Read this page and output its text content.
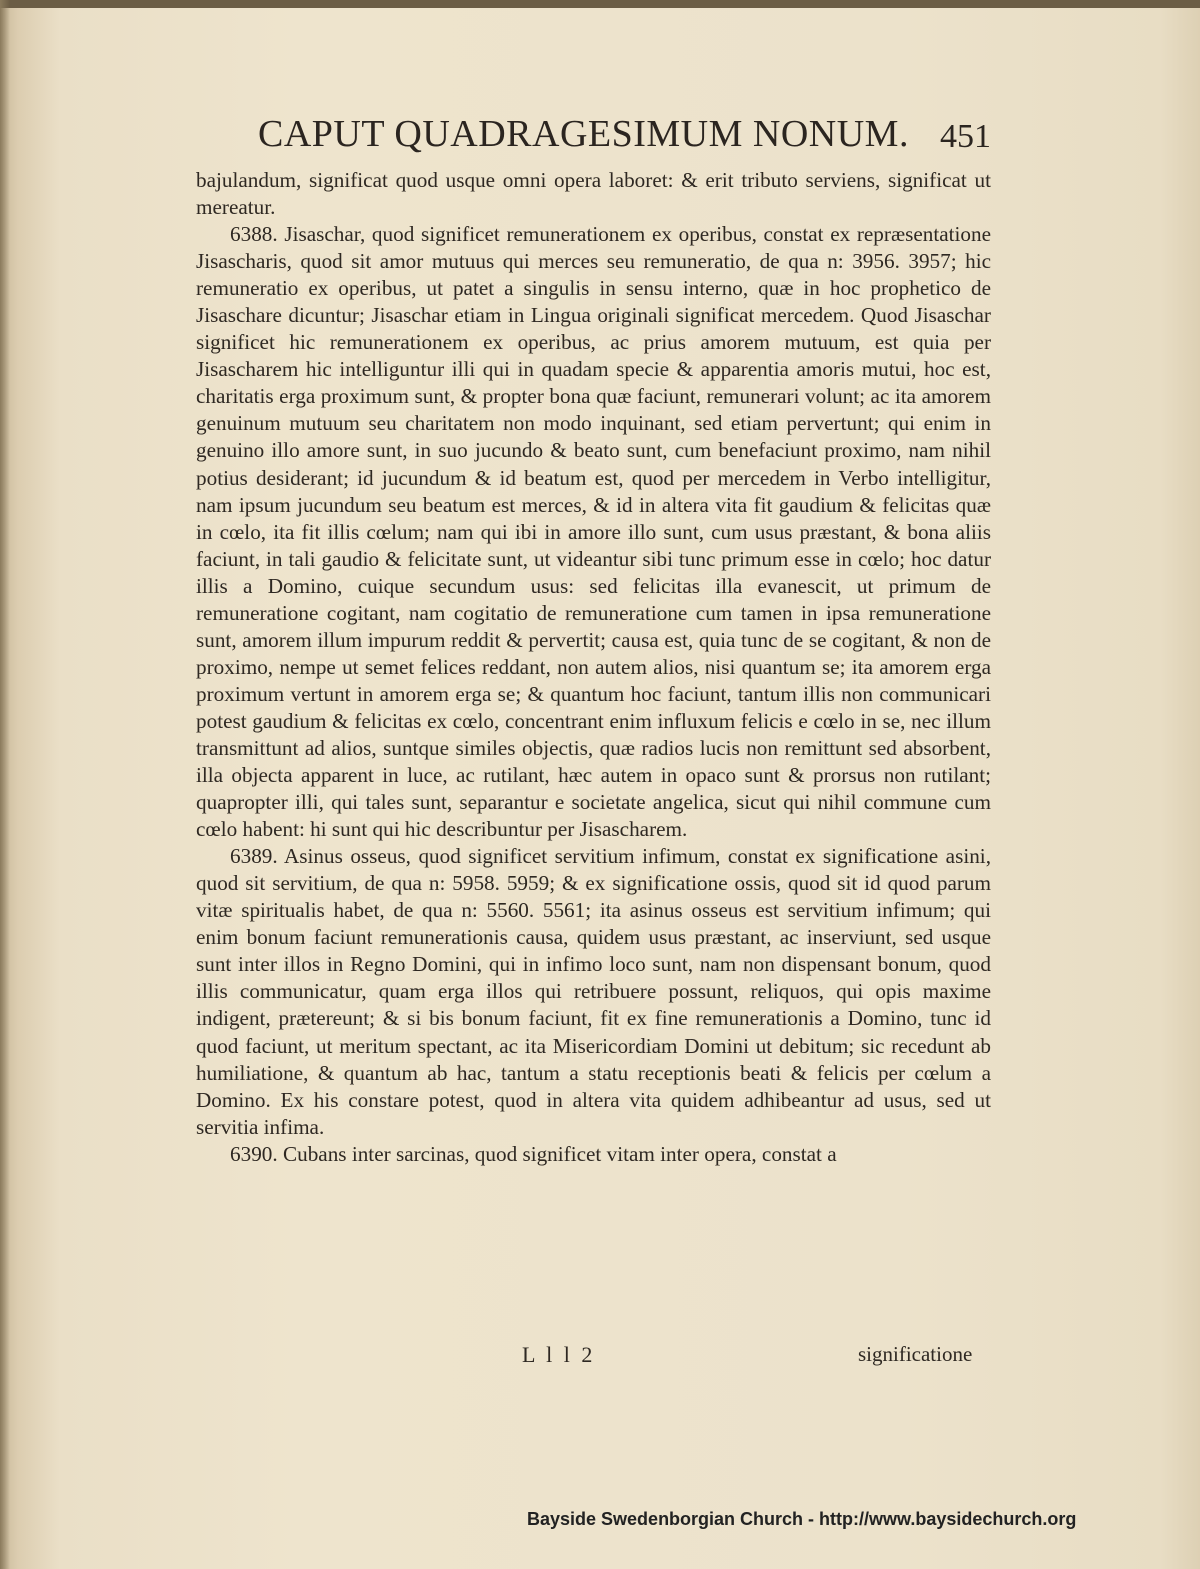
CAPUT QUADRAGESIMUM NONUM. 451

bajulandum, significat quod usque omni opera laboret: & erit tributo serviens, significat ut mereatur.

6388. Jisaschar, quod significet remunerationem ex operibus, constat ex repræsentatione Jisascharis, quod sit amor mutuus qui merces seu remuneratio, de qua n: 3956. 3957; hic remuneratio ex operibus, ut patet a singulis in sensu interno, quæ in hoc prophetico de Jisaschare dicuntur; Jisaschar etiam in Lingua originali significat mercedem. Quod Jisaschar significet hic remunerationem ex operibus, ac prius amorem mutuum, est quia per Jisascharem hic intelliguntur illi qui in quadam specie & apparentia amoris mutui, hoc est, charitatis erga proximum sunt, & propter bona quæ faciunt, remunerari volunt; ac ita amorem genuinum mutuum seu charitatem non modo inquinant, sed etiam pervertunt; qui enim in genuino illo amore sunt, in suo jucundo & beato sunt, cum benefaciunt proximo, nam nihil potius desiderant; id jucundum & id beatum est, quod per mercedem in Verbo intelligitur, nam ipsum jucundum seu beatum est merces, & id in altera vita fit gaudium & felicitas quæ in cœlo, ita fit illis cœlum; nam qui ibi in amore illo sunt, cum usus præstant, & bona aliis faciunt, in tali gaudio & felicitate sunt, ut videantur sibi tunc primum esse in cœlo; hoc datur illis a Domino, cuique secundum usus: sed felicitas illa evanescit, ut primum de remuneratione cogitant, nam cogitatio de remuneratione cum tamen in ipsa remuneratione sunt, amorem illum impurum reddit & pervertit; causa est, quia tunc de se cogitant, & non de proximo, nempe ut semet felices reddant, non autem alios, nisi quantum se; ita amorem erga proximum vertunt in amorem erga se; & quantum hoc faciunt, tantum illis non communicari potest gaudium & felicitas ex cœlo, concentrant enim influxum felicis e cœlo in se, nec illum transmittunt ad alios, suntque similes objectis, quæ radios lucis non remittunt sed absorbent, illa objecta apparent in luce, ac rutilant, hæc autem in opaco sunt & prorsus non rutilant; quapropter illi, qui tales sunt, separantur e societate angelica, sicut qui nihil commune cum cœlo habent: hi sunt qui hic describuntur per Jisascharem.

6389. Asinus osseus, quod significet servitium infimum, constat ex significatione asini, quod sit servitium, de qua n: 5958. 5959; & ex significatione ossis, quod sit id quod parum vitæ spiritualis habet, de qua n: 5560. 5561; ita asinus osseus est servitium infimum; qui enim bonum faciunt remunerationis causa, quidem usus præstant, ac inserviunt, sed usque sunt inter illos in Regno Domini, qui in infimo loco sunt, nam non dispensant bonum, quod illis communicatur, quam erga illos qui retribuere possunt, reliquos, qui opis maxime indigent, prætereunt; & si bis bonum faciunt, fit ex fine remunerationis a Domino, tunc id quod faciunt, ut meritum spectant, ac ita Misericordiam Domini ut debitum; sic recedunt ab humiliatione, & quantum ab hac, tantum a statu receptionis beati & felicis per cœlum a Domino. Ex his constare potest, quod in altera vita quidem adhibeantur ad usus, sed ut servitia infima.

6390. Cubans inter sarcinas, quod significet vitam inter opera, constat a

L l l 2	significatione
Bayside Swedenborgian Church - http://www.baysidechurch.org
